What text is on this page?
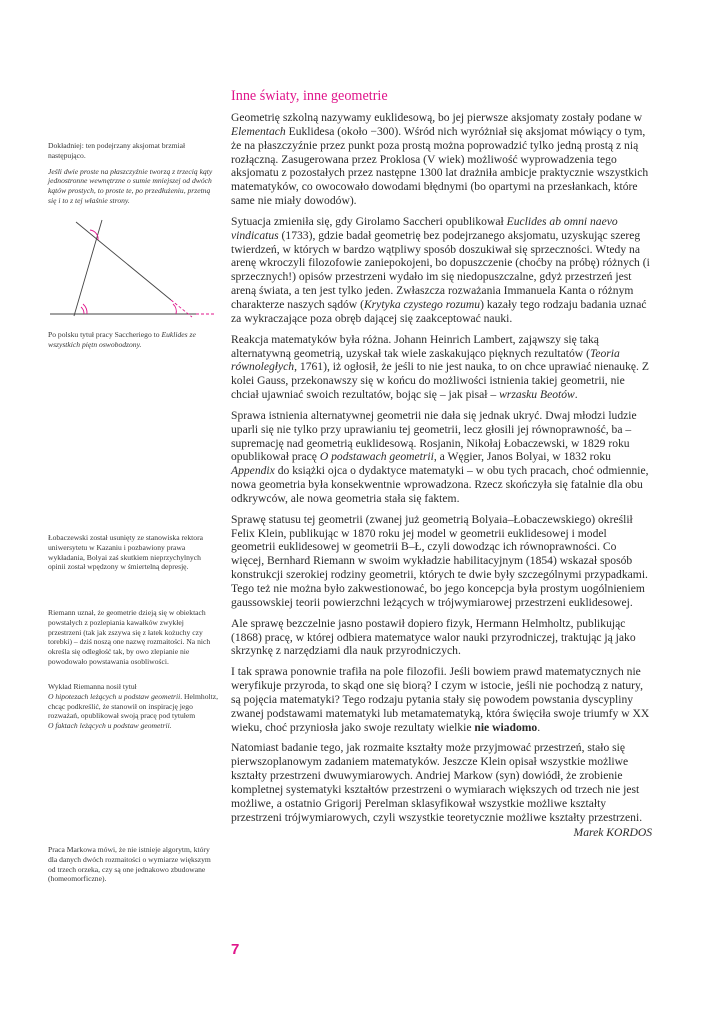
Dokładniej: ten podejrzany aksjomat brzmiał następująco.

Jeśli dwie proste na płaszczyźnie tworzą z trzecią kąty jednostronne wewnętrzne o sumie mniejszej od dwóch kątów prostych, to proste te, po przedłużeniu, przetną się i to z tej właśnie strony.

Po polsku tytuł pracy Saccheriego to Euklides ze wszystkich piętn oswobodzony.

Łobaczewski został usunięty ze stanowiska rektora uniwersytetu w Kazaniu i pozbawiony prawa wykładania, Bolyai zaś skutkiem nieprzychylnych opinii został wpędzony w śmiertelną depresję.

Riemann uznał, że geometrie dzieją się w obiektach powstałych z pozlepiania kawałków zwykłej przestrzeni (tak jak zszywa się z łatek kożuchy czy torebki) – dziś noszą one nazwę rozmaitości. Na nich określa się odległość tak, by owo zlepianie nie powodowało powstawania osobliwości.

Wykład Riemanna nosił tytuł
O hipotezach leżących u podstaw geometrii. Helmholtz, chcąc podkreślić, że stanowił on inspirację jego rozważań, opublikował swoją pracę pod tytułem
O faktach leżących u podstaw geometrii.

Praca Markowa mówi, że nie istnieje algorytm, który dla danych dwóch rozmaitości o wymiarze większym od trzech orzeka, czy są one jednakowo zbudowane (homeomorficzne).

Inne światy, inne geometrie

Geometrię szkolną nazywamy euklidesową, bo jej pierwsze aksjomaty zostały podane w Elementach Euklidesa (około −300). Wśród nich wyróżniał się aksjomat mówiący o tym, że na płaszczyźnie przez punkt poza prostą można poprowadzić tylko jedną prostą z nią rozłączną. Zasugerowana przez Proklosa (V wiek) możliwość wyprowadzenia tego aksjomatu z pozostałych przez następne 1300 lat drażniła ambicje praktycznie wszystkich matematyków, co owocowało dowodami błędnymi (bo opartymi na przesłankach, które same nie miały dowodów).

Sytuacja zmieniła się, gdy Girolamo Saccheri opublikował Euclides ab omni naevo vindicatus (1733), gdzie badał geometrię bez podejrzanego aksjomatu, uzyskując szereg twierdzeń, w których w bardzo wątpliwy sposób doszukiwał się sprzeczności. Wtedy na arenę wkroczyli filozofowie zaniepokojeni, bo dopuszczenie (choćby na próbę) różnych (i sprzecznych!) opisów przestrzeni wydało im się niedopuszczalne, gdyż przestrzeń jest areną świata, a ten jest tylko jeden. Zwłaszcza rozważania Immanuela Kanta o różnym charakterze naszych sądów (Krytyka czystego rozumu) kazały tego rodzaju badania uznać za wykraczające poza obręb dającej się zaakceptować nauki.

Reakcja matematyków była różna. Johann Heinrich Lambert, zająwszy się taką alternatywną geometrią, uzyskał tak wiele zaskakująco pięknych rezultatów (Teoria równoległych, 1761), iż ogłosił, że jeśli to nie jest nauka, to on chce uprawiać nienaukę. Z kolei Gauss, przekonawszy się w końcu do możliwości istnienia takiej geometrii, nie chciał ujawniać swoich rezultatów, bojąc się – jak pisał – wrzasku Beotów.

Sprawa istnienia alternatywnej geometrii nie dała się jednak ukryć. Dwaj młodzi ludzie uparli się nie tylko przy uprawianiu tej geometrii, lecz głosili jej równoprawność, ba – supremację nad geometrią euklidesową. Rosjanin, Nikołaj Łobaczewski, w 1829 roku opublikował pracę O podstawach geometrii, a Węgier, Janos Bolyai, w 1832 roku Appendix do książki ojca o dydaktyce matematyki – w obu tych pracach, choć odmiennie, nowa geometria była konsekwentnie wprowadzona. Rzecz skończyła się fatalnie dla obu odkrywców, ale nowa geometria stała się faktem.

Sprawę statusu tej geometrii (zwanej już geometrią Bolyaia–Łobaczewskiego) określił Felix Klein, publikując w 1870 roku jej model w geometrii euklidesowej i model geometrii euklidesowej w geometrii B–Ł, czyli dowodząc ich równoprawności. Co więcej, Bernhard Riemann w swoim wykładzie habilitacyjnym (1854) wskazał sposób konstrukcji szerokiej rodziny geometrii, których te dwie były szczególnymi przypadkami. Tego też nie można było zakwestionować, bo jego koncepcja była prostym uogólnieniem gaussowskiej teorii powierzchni leżących w trójwymiarowej przestrzeni euklidesowej.

Ale sprawę bezczelnie jasno postawił dopiero fizyk, Hermann Helmholtz, publikując (1868) pracę, w której odbiera matematyce walor nauki przyrodniczej, traktując ją jako skrzynkę z narzędziami dla nauk przyrodniczych.

I tak sprawa ponownie trafiła na pole filozofii. Jeśli bowiem prawd matematycznych nie weryfikuje przyroda, to skąd one się biorą? I czym w istocie, jeśli nie pochodzą z natury, są pojęcia matematyki? Tego rodzaju pytania stały się powodem powstania dyscypliny zwanej podstawami matematyki lub metamatematyką, która święciła swoje triumfy w XX wieku, choć przyniosła jako swoje rezultaty wielkie nie wiadomo.

Natomiast badanie tego, jak rozmaite kształty może przyjmować przestrzeń, stało się pierwszoplanowym zadaniem matematyków. Jeszcze Klein opisał wszystkie możliwe kształty przestrzeni dwuwymiarowych. Andriej Markow (syn) dowiódł, że zrobienie kompletnej systematyki kształtów przestrzeni o wymiarach większych od trzech nie jest możliwe, a ostatnio Grigorij Perelman sklasyfikował wszystkie możliwe kształty przestrzeni trójwymiarowych, czyli wszystkie teoretycznie możliwe kształty przestrzeni.

Marek KORDOS
7
